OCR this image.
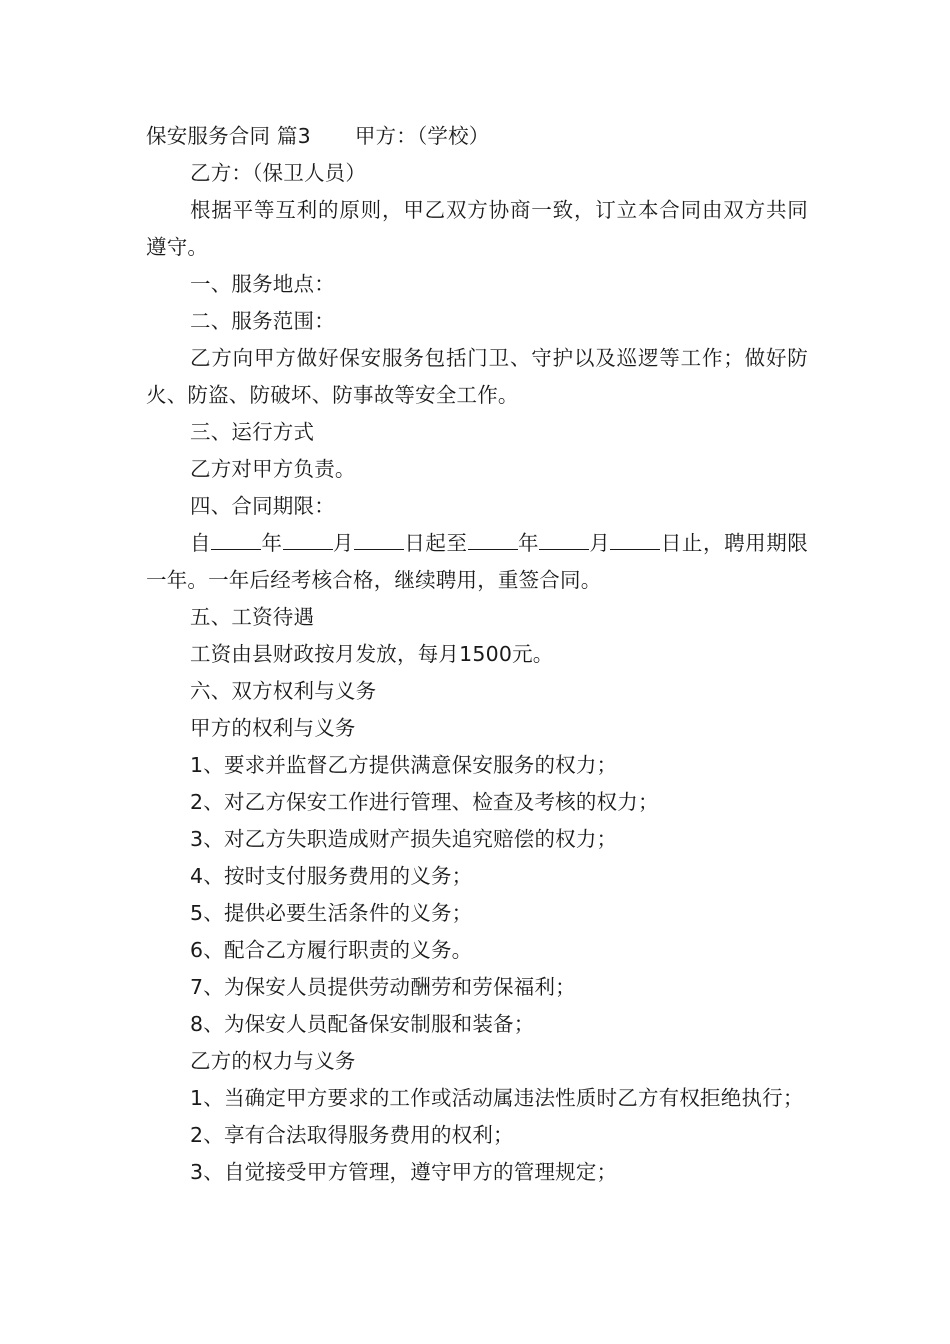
保安服务合同 篇3 甲方：（学校）

乙方：（保卫人员）

根据平等互利的原则，甲乙双方协商一致，订立本合同由双方共同遵守。

一、服务地点：

二、服务范围：

乙方向甲方做好保安服务包括门卫、守护以及巡逻等工作；做好防火、防盗、防破坏、防事故等安全工作。

三、运行方式

乙方对甲方负责。

四、合同期限：

自 年 月 日起至 年 月 日止，聘用期限一年。一年后经考核合格，继续聘用，重签合同。

五、工资待遇

工资由县财政按月发放，每月1500元。

六、双方权利与义务

甲方的权利与义务

1、要求并监督乙方提供满意保安服务的权力；

2、对乙方保安工作进行管理、检查及考核的权力；

3、对乙方失职造成财产损失追究赔偿的权力；

4、按时支付服务费用的义务；

5、提供必要生活条件的义务；

6、配合乙方履行职责的义务。

7、为保安人员提供劳动酬劳和劳保福利；

8、为保安人员配备保安制服和装备；

乙方的权力与义务

1、当确定甲方要求的工作或活动属违法性质时乙方有权拒绝执行；

2、享有合法取得服务费用的权利；

3、自觉接受甲方管理，遵守甲方的管理规定；
